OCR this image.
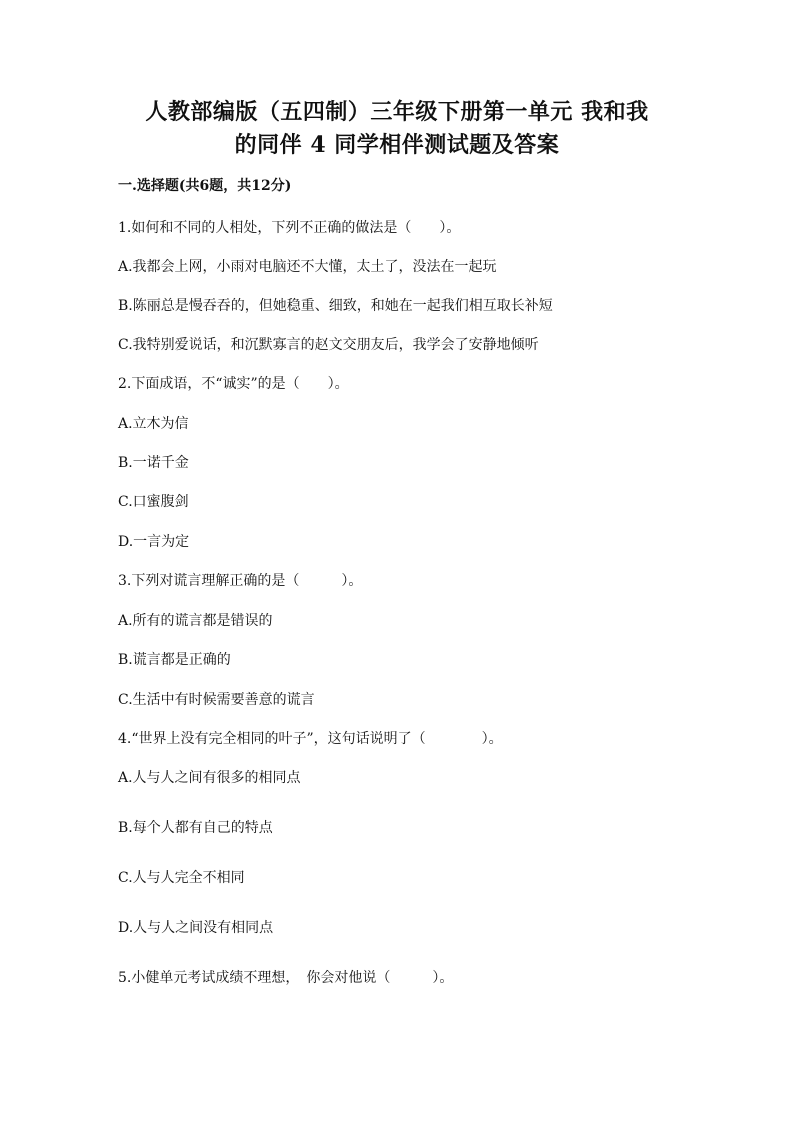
人教部编版（五四制）三年级下册第一单元 我和我
的同伴 4 同学相伴测试题及答案
一.选择题(共6题，共12分)
1.如何和不同的人相处，下列不正确的做法是（　　）。
A.我都会上网，小雨对电脑还不大懂，太土了，没法在一起玩
B.陈丽总是慢吞吞的，但她稳重、细致，和她在一起我们相互取长补短
C.我特别爱说话，和沉默寡言的赵文交朋友后，我学会了安静地倾听
2.下面成语，不“诚实”的是（　　）。
A.立木为信
B.一诺千金
C.口蜜腹剑
D.一言为定
3.下列对谎言理解正确的是（　　　）。
A.所有的谎言都是错误的
B.谎言都是正确的
C.生活中有时候需要善意的谎言
4.“世界上没有完全相同的叶子”，这句话说明了（　　　　）。
A.人与人之间有很多的相同点
B.每个人都有自己的特点
C.人与人完全不相同
D.人与人之间没有相同点
5.小健单元考试成绩不理想，　你会对他说（　　　）。
